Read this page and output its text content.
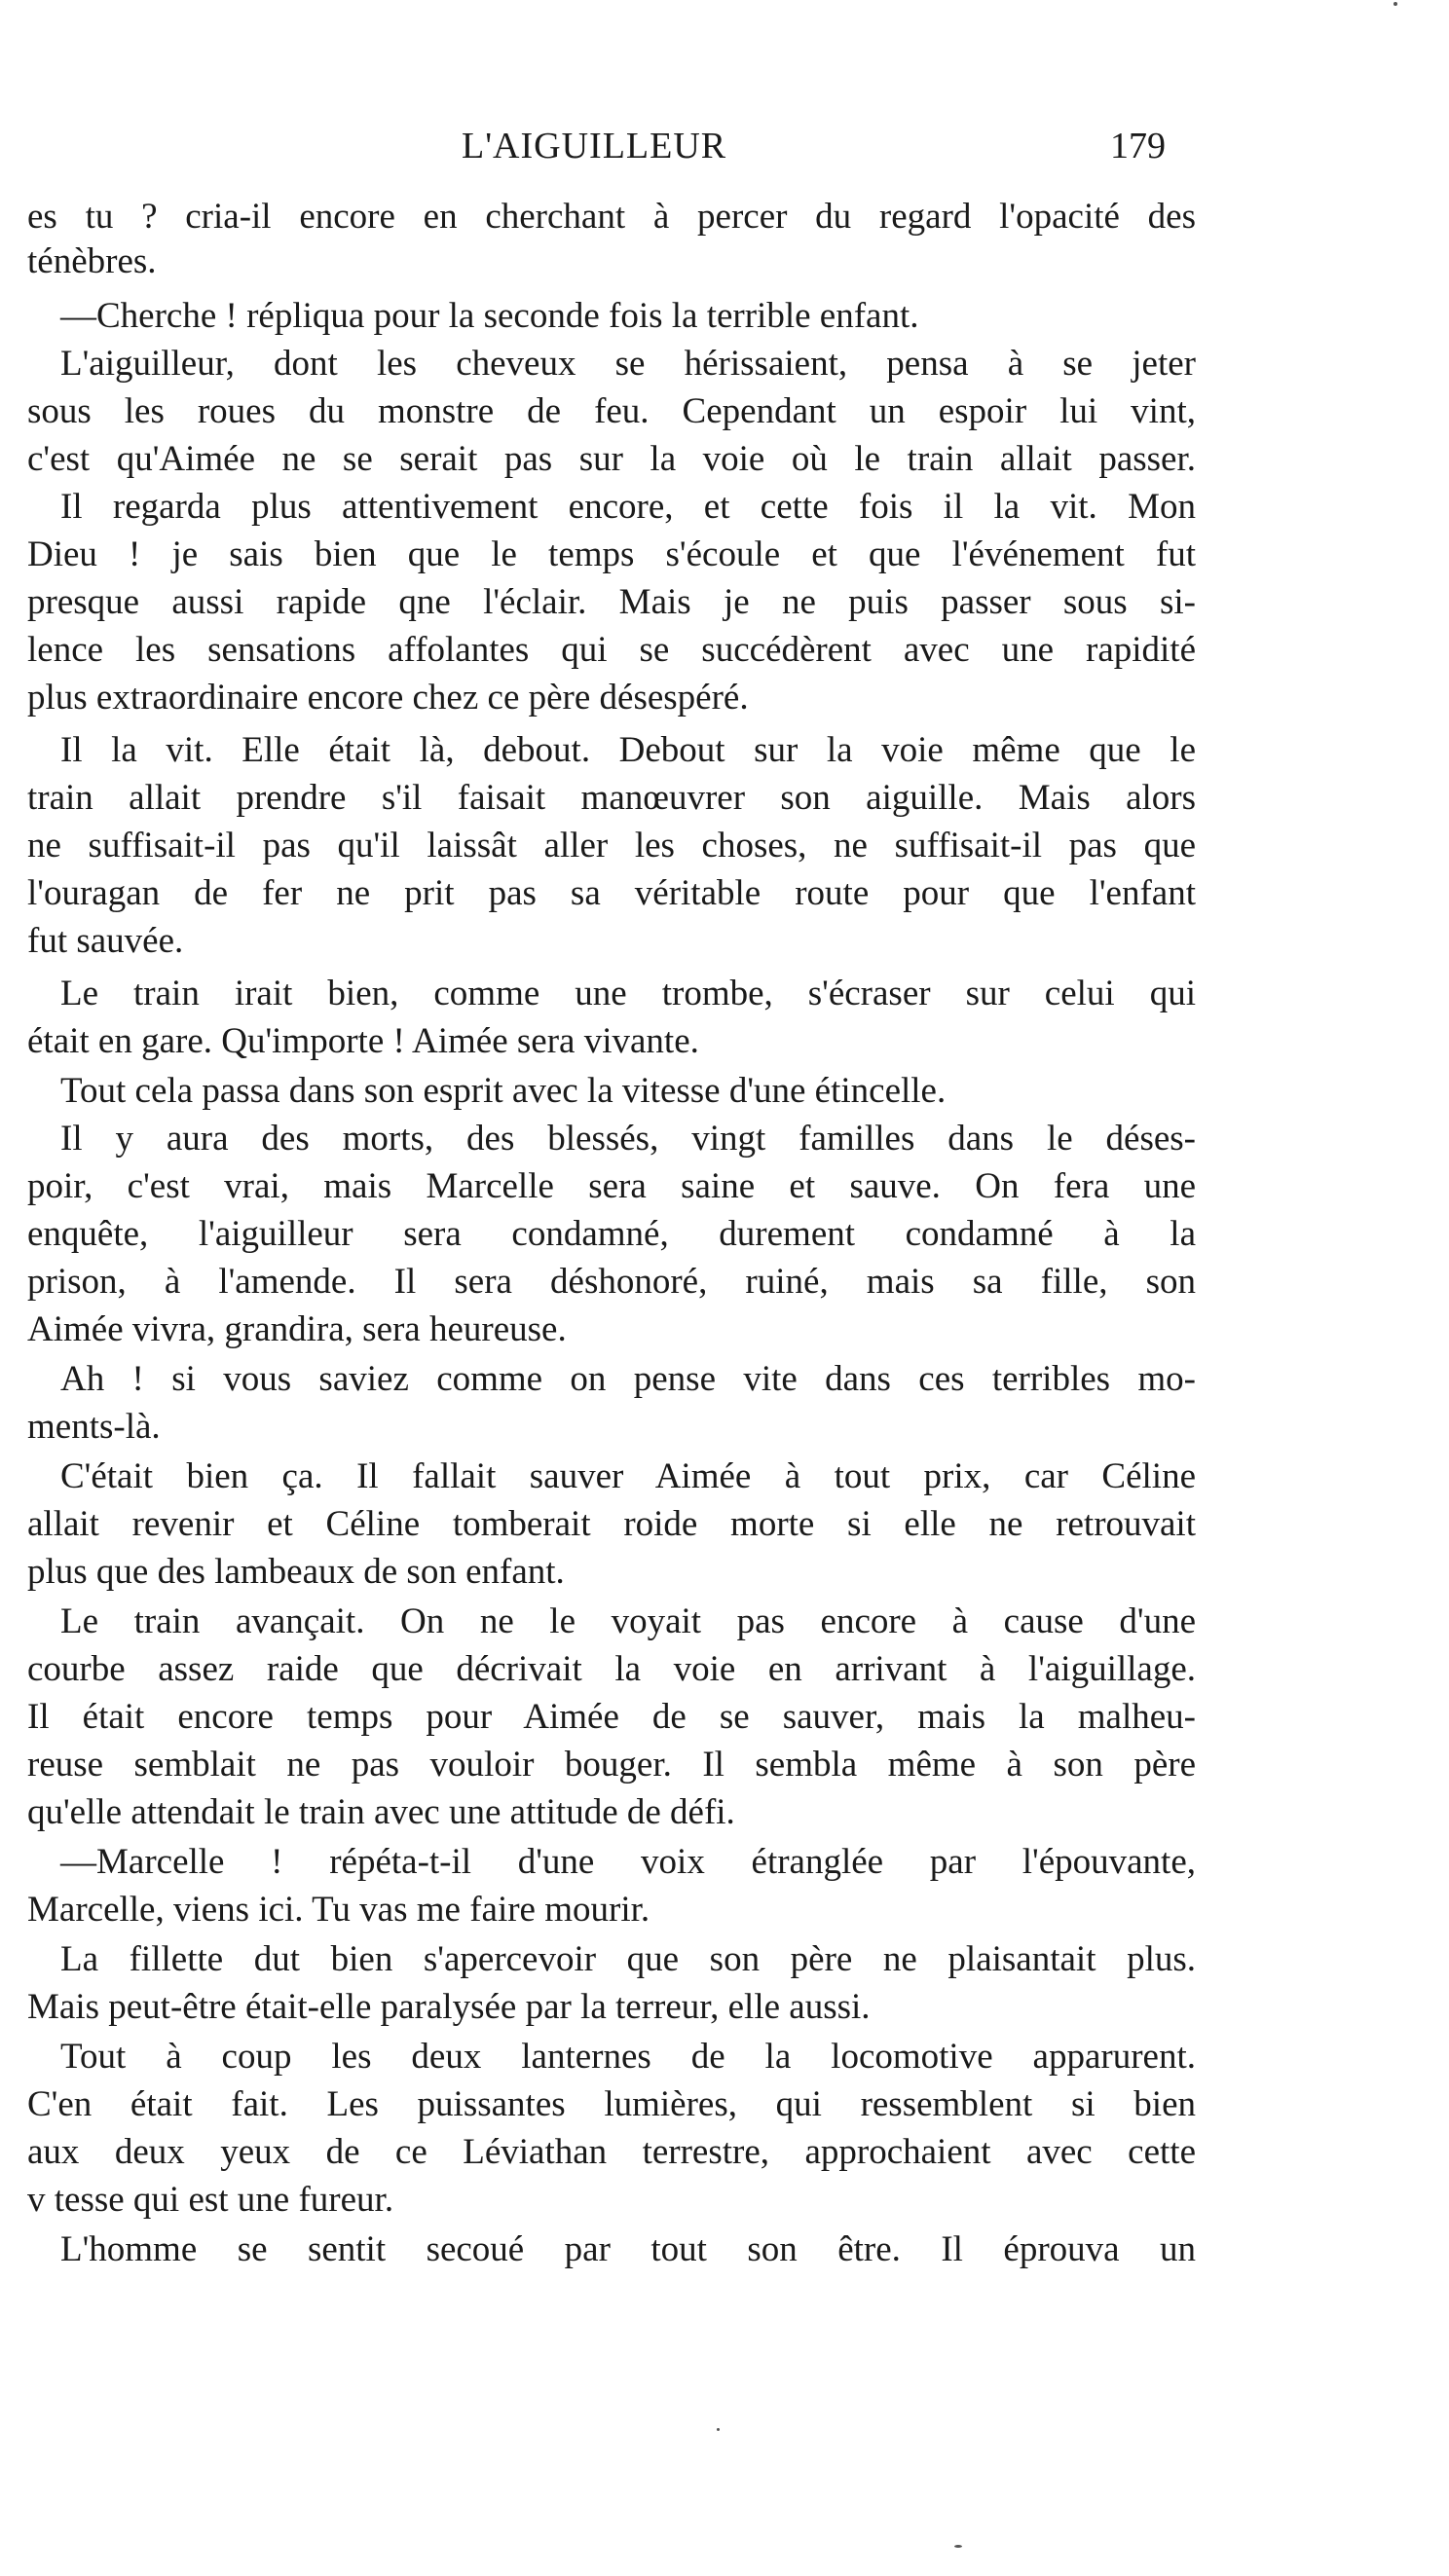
L'AIGUILLEUR	179
es tu ? cria-il encore en cherchant à percer du regard l'opacité des
ténèbres.
—Cherche ! répliqua pour la seconde fois la terrible enfant.
L'aiguilleur, dont les cheveux se hérissaient, pensa à se jeter
sous les roues du monstre de feu. Cependant un espoir lui vint,
c'est qu'Aimée ne se serait pas sur la voie où le train allait passer.
Il regarda plus attentivement encore, et cette fois il la vit. Mon
Dieu ! je sais bien que le temps s'écoule et que l'événement fut
presque aussi rapide qne l'éclair. Mais je ne puis passer sous si-
lence les sensations affolantes qui se succédèrent avec une rapidité
plus extraordinaire encore chez ce père désespéré.
Il la vit. Elle était là, debout. Debout sur la voie même que le
train allait prendre s'il faisait manœuvrer son aiguille. Mais alors
ne suffisait-il pas qu'il laissât aller les choses, ne suffisait-il pas que
l'ouragan de fer ne prit pas sa véritable route pour que l'enfant
fut sauvée.
Le train irait bien, comme une trombe, s'écraser sur celui qui
était en gare. Qu'importe ! Aimée sera vivante.
Tout cela passa dans son esprit avec la vitesse d'une étincelle.
Il y aura des morts, des blessés, vingt familles dans le déses-
poir, c'est vrai, mais Marcelle sera saine et sauve. On fera une
enquête, l'aiguilleur sera condamné, durement condamné à la
prison, à l'amende. Il sera déshonoré, ruiné, mais sa fille, son
Aimée vivra, grandira, sera heureuse.
Ah ! si vous saviez comme on pense vite dans ces terribles mo-
ments-là.
C'était bien ça. Il fallait sauver Aimée à tout prix, car Céline
allait revenir et Céline tomberait roide morte si elle ne retrouvait
plus que des lambeaux de son enfant.
Le train avançait. On ne le voyait pas encore à cause d'une
courbe assez raide que décrivait la voie en arrivant à l'aiguillage.
Il était encore temps pour Aimée de se sauver, mais la malheu-
reuse semblait ne pas vouloir bouger. Il sembla même à son père
qu'elle attendait le train avec une attitude de défi.
—Marcelle ! répéta-t-il d'une voix étranglée par l'épouvante,
Marcelle, viens ici. Tu vas me faire mourir.
La fillette dut bien s'apercevoir que son père ne plaisantait plus.
Mais peut-être était-elle paralysée par la terreur, elle aussi.
Tout à coup les deux lanternes de la locomotive apparurent.
C'en était fait. Les puissantes lumières, qui ressemblent si bien
aux deux yeux de ce Léviathan terrestre, approchaient avec cette
v tesse qui est une fureur.
L'homme se sentit secoué par tout son être. Il éprouva un
